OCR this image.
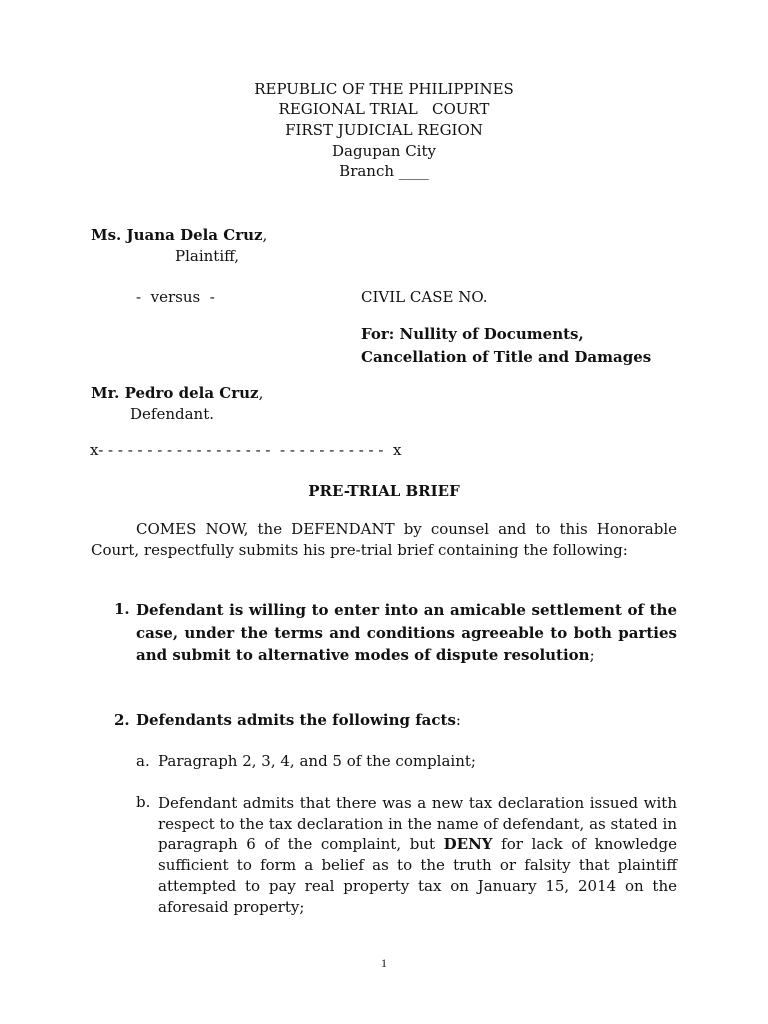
REPUBLIC OF THE PHILIPPINES
REGIONAL TRIAL   COURT
FIRST JUDICIAL REGION
Dagupan City
Branch ____
Ms. Juana Dela Cruz,
Plaintiff,
-  versus  -	CIVIL CASE NO.
For: Nullity of Documents,
Cancellation of Title and Damages
Mr. Pedro dela Cruz,
Defendant.
x- - - - - - - - - - - - - - - - - -  - - - - - - - - - - -  x
PRE-TRIAL BRIEF
COMES NOW, the DEFENDANT by counsel and to this Honorable Court, respectfully submits his pre-trial brief containing the following:
1. Defendant is willing to enter into an amicable settlement of the case, under the terms and conditions agreeable to both parties and submit to alternative modes of dispute resolution;
2. Defendants admits the following facts:
a. Paragraph 2, 3, 4, and 5 of the complaint;
b. Defendant admits that there was a new tax declaration issued with respect to the tax declaration in the name of defendant, as stated in paragraph 6 of the complaint, but DENY for lack of knowledge sufficient to form a belief as to the truth or falsity that plaintiff attempted to pay real property tax on January 15, 2014 on the aforesaid property;
1
